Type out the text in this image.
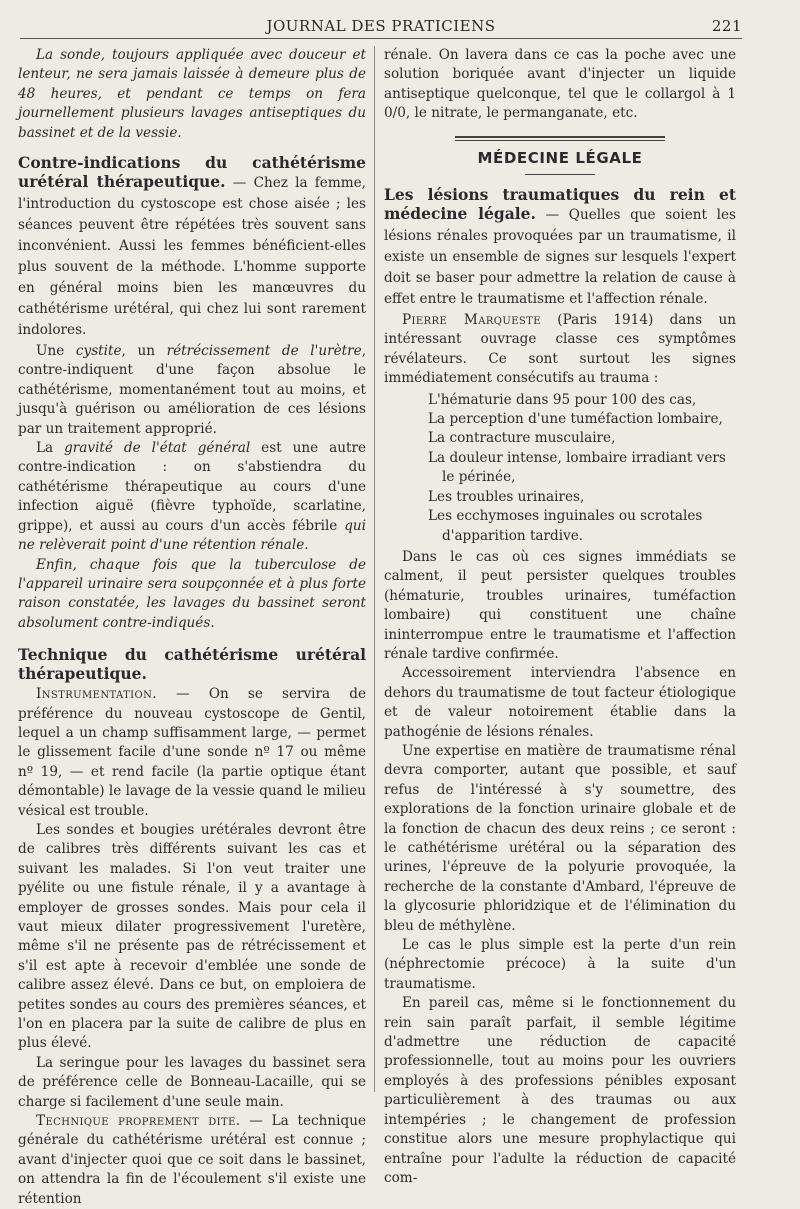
JOURNAL DES PRATICIENS	221

La sonde, toujours appliquée avec douceur et lenteur, ne sera jamais laissée à demeure plus de 48 heures, et pendant ce temps on fera journellement plusieurs lavages antiseptiques du bassinet et de la vessie.

Contre-indications du cathétérisme urétéral thérapeutique. — Chez la femme, l'introduction du cystoscope est chose aisée ; les séances peuvent être répétées très souvent sans inconvénient. Aussi les femmes bénéficient-elles plus souvent de la méthode. L'homme supporte en général moins bien les manœuvres du cathétérisme urétéral, qui chez lui sont rarement indolores.

Une cystite, un rétrécissement de l'urètre, contre-indiquent d'une façon absolue le cathétérisme, momentanément tout au moins, et jusqu'à guérison ou amélioration de ces lésions par un traitement approprié.

La gravité de l'état général est une autre contre-indication : on s'abstiendra du cathétérisme thérapeutique au cours d'une infection aiguë (fièvre typhoïde, scarlatine, grippe), et aussi au cours d'un accès fébrile qui ne relèverait point d'une rétention rénale.

Enfin, chaque fois que la tuberculose de l'appareil urinaire sera soupçonnée et à plus forte raison constatée, les lavages du bassinet seront absolument contre-indiqués.

Technique du cathétérisme urétéral thérapeutique.

Instrumentation. — On se servira de préférence du nouveau cystoscope de Gentil, lequel a un champ suffisamment large, — permet le glissement facile d'une sonde nº 17 ou même nº 19, — et rend facile (la partie optique étant démontable) le lavage de la vessie quand le milieu vésical est trouble.

Les sondes et bougies urétérales devront être de calibres très différents suivant les cas et suivant les malades. Si l'on veut traiter une pyélite ou une fistule rénale, il y a avantage à employer de grosses sondes. Mais pour cela il vaut mieux dilater progressivement l'uretère, même s'il ne présente pas de rétrécissement et s'il est apte à recevoir d'emblée une sonde de calibre assez élevé. Dans ce but, on emploiera de petites sondes au cours des premières séances, et l'on en placera par la suite de calibre de plus en plus élevé.

La seringue pour les lavages du bassinet sera de préférence celle de Bonneau-Lacaille, qui se charge si facilement d'une seule main.

Technique proprement dite. — La technique générale du cathétérisme urétéral est connue ; avant d'injecter quoi que ce soit dans le bassinet, on attendra la fin de l'écoulement s'il existe une rétention

rénale. On lavera dans ce cas la poche avec une solution boriquée avant d'injecter un liquide antiseptique quelconque, tel que le collargol à 1 0/0, le nitrate, le permanganate, etc.

MÉDECINE LÉGALE
Les lésions traumatiques du rein et médecine légale. — Quelles que soient les lésions rénales provoquées par un traumatisme, il existe un ensemble de signes sur lesquels l'expert doit se baser pour admettre la relation de cause à effet entre le traumatisme et l'affection rénale.

Pierre Marqueste (Paris 1914) dans un intéressant ouvrage classe ces symptômes révélateurs. Ce sont surtout les signes immédiatement consécutifs au trauma :

L'hématurie dans 95 pour 100 des cas,
La perception d'une tuméfaction lombaire,
La contracture musculaire,
La douleur intense, lombaire irradiant vers le périnée,
Les troubles urinaires,
Les ecchymoses inguinales ou scrotales d'apparition tardive.

Dans le cas où ces signes immédiats se calment, il peut persister quelques troubles (hématurie, troubles urinaires, tuméfaction lombaire) qui constituent une chaîne ininterrompue entre le traumatisme et l'affection rénale tardive confirmée.

Accessoirement interviendra l'absence en dehors du traumatisme de tout facteur étiologique et de valeur notoirement établie dans la pathogénie de lésions rénales.

Une expertise en matière de traumatisme rénal devra comporter, autant que possible, et sauf refus de l'intéressé à s'y soumettre, des explorations de la fonction urinaire globale et de la fonction de chacun des deux reins ; ce seront : le cathétérisme urétéral ou la séparation des urines, l'épreuve de la polyurie provoquée, la recherche de la constante d'Ambard, l'épreuve de la glycosurie phloridzique et de l'élimination du bleu de méthylène.

Le cas le plus simple est la perte d'un rein (néphrectomie précoce) à la suite d'un traumatisme.

En pareil cas, même si le fonctionnement du rein sain paraît parfait, il semble légitime d'admettre une réduction de capacité professionnelle, tout au moins pour les ouvriers employés à des professions pénibles exposant particulièrement à des traumas ou aux intempéries ; le changement de profession constitue alors une mesure prophylactique qui entraîne pour l'adulte la réduction de capacité com-
